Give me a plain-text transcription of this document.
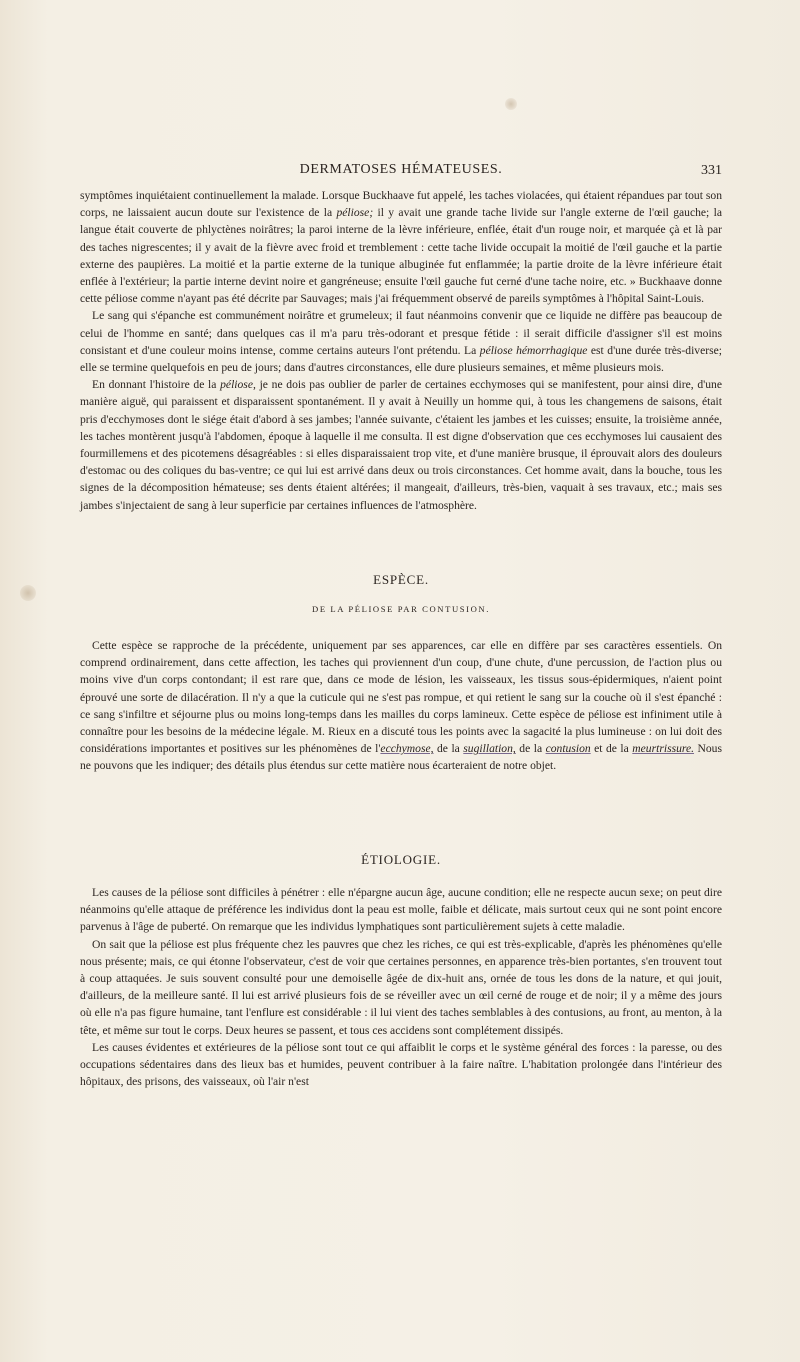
DERMATOSES HÉMATEUSES.	331

symptômes inquiétaient continuellement la malade. Lorsque Buckhaave fut appelé, les taches violacées, qui étaient répandues par tout son corps, ne laissaient aucun doute sur l'existence de la péliose; il y avait une grande tache livide sur l'angle externe de l'œil gauche; la langue était couverte de phlyctènes noirâtres; la paroi interne de la lèvre inférieure, enflée, était d'un rouge noir, et marquée çà et là par des taches nigrescentes; il y avait de la fièvre avec froid et tremblement : cette tache livide occupait la moitié de l'œil gauche et la partie externe des paupières. La moitié et la partie externe de la tunique albuginée fut enflammée; la partie droite de la lèvre inférieure était enflée à l'extérieur; la partie interne devint noire et gangréneuse; ensuite l'œil gauche fut cerné d'une tache noire, etc. » Buckhaave donne cette péliose comme n'ayant pas été décrite par Sauvages; mais j'ai fréquemment observé de pareils symptômes à l'hôpital Saint-Louis.

Le sang qui s'épanche est communément noirâtre et grumeleux; il faut néanmoins convenir que ce liquide ne diffère pas beaucoup de celui de l'homme en santé; dans quelques cas il m'a paru très-odorant et presque fétide : il serait difficile d'assigner s'il est moins consistant et d'une couleur moins intense, comme certains auteurs l'ont prétendu. La péliose hémorrhagique est d'une durée très-diverse; elle se termine quelquefois en peu de jours; dans d'autres circonstances, elle dure plusieurs semaines, et même plusieurs mois.

En donnant l'histoire de la péliose, je ne dois pas oublier de parler de certaines ecchymoses qui se manifestent, pour ainsi dire, d'une manière aiguë, qui paraissent et disparaissent spontanément. Il y avait à Neuilly un homme qui, à tous les changemens de saisons, était pris d'ecchymoses dont le siége était d'abord à ses jambes; l'année suivante, c'étaient les jambes et les cuisses; ensuite, la troisième année, les taches montèrent jusqu'à l'abdomen, époque à laquelle il me consulta. Il est digne d'observation que ces ecchymoses lui causaient des fourmillemens et des picotemens désagréables : si elles disparaissaient trop vite, et d'une manière brusque, il éprouvait alors des douleurs d'estomac ou des coliques du bas-ventre; ce qui lui est arrivé dans deux ou trois circonstances. Cet homme avait, dans la bouche, tous les signes de la décomposition hémateuse; ses dents étaient altérées; il mangeait, d'ailleurs, très-bien, vaquait à ses travaux, etc.; mais ses jambes s'injectaient de sang à leur superficie par certaines influences de l'atmosphère.

ESPÈCE.
DE LA PÉLIOSE PAR CONTUSION.

Cette espèce se rapproche de la précédente, uniquement par ses apparences, car elle en diffère par ses caractères essentiels. On comprend ordinairement, dans cette affection, les taches qui proviennent d'un coup, d'une chute, d'une percussion, de l'action plus ou moins vive d'un corps contondant; il est rare que, dans ce mode de lésion, les vaisseaux, les tissus sous-épidermiques, n'aient point éprouvé une sorte de dilacération. Il n'y a que la cuticule qui ne s'est pas rompue, et qui retient le sang sur la couche où il s'est épanché : ce sang s'infiltre et séjourne plus ou moins long-temps dans les mailles du corps lamineux. Cette espèce de péliose est infiniment utile à connaître pour les besoins de la médecine légale. M. Rieux en a discuté tous les points avec la sagacité la plus lumineuse : on lui doit des considérations importantes et positives sur les phénomènes de l'ecchymose, de la sugillation, de la contusion et de la meurtrissure. Nous ne pouvons que les indiquer; des détails plus étendus sur cette matière nous écarteraient de notre objet.

ÉTIOLOGIE.

Les causes de la péliose sont difficiles à pénétrer : elle n'épargne aucun âge, aucune condition; elle ne respecte aucun sexe; on peut dire néanmoins qu'elle attaque de préférence les individus dont la peau est molle, faible et délicate, mais surtout ceux qui ne sont point encore parvenus à l'âge de puberté. On remarque que les individus lymphatiques sont particulièrement sujets à cette maladie.

On sait que la péliose est plus fréquente chez les pauvres que chez les riches, ce qui est très-explicable, d'après les phénomènes qu'elle nous présente; mais, ce qui étonne l'observateur, c'est de voir que certaines personnes, en apparence très-bien portantes, s'en trouvent tout à coup attaquées. Je suis souvent consulté pour une demoiselle âgée de dix-huit ans, ornée de tous les dons de la nature, et qui jouit, d'ailleurs, de la meilleure santé. Il lui est arrivé plusieurs fois de se réveiller avec un œil cerné de rouge et de noir; il y a même des jours où elle n'a pas figure humaine, tant l'enflure est considérable : il lui vient des taches semblables à des contusions, au front, au menton, à la tête, et même sur tout le corps. Deux heures se passent, et tous ces accidens sont complétement dissipés.

Les causes évidentes et extérieures de la péliose sont tout ce qui affaiblit le corps et le système général des forces : la paresse, ou des occupations sédentaires dans des lieux bas et humides, peuvent contribuer à la faire naître. L'habitation prolongée dans l'intérieur des hôpitaux, des prisons, des vaisseaux, où l'air n'est
